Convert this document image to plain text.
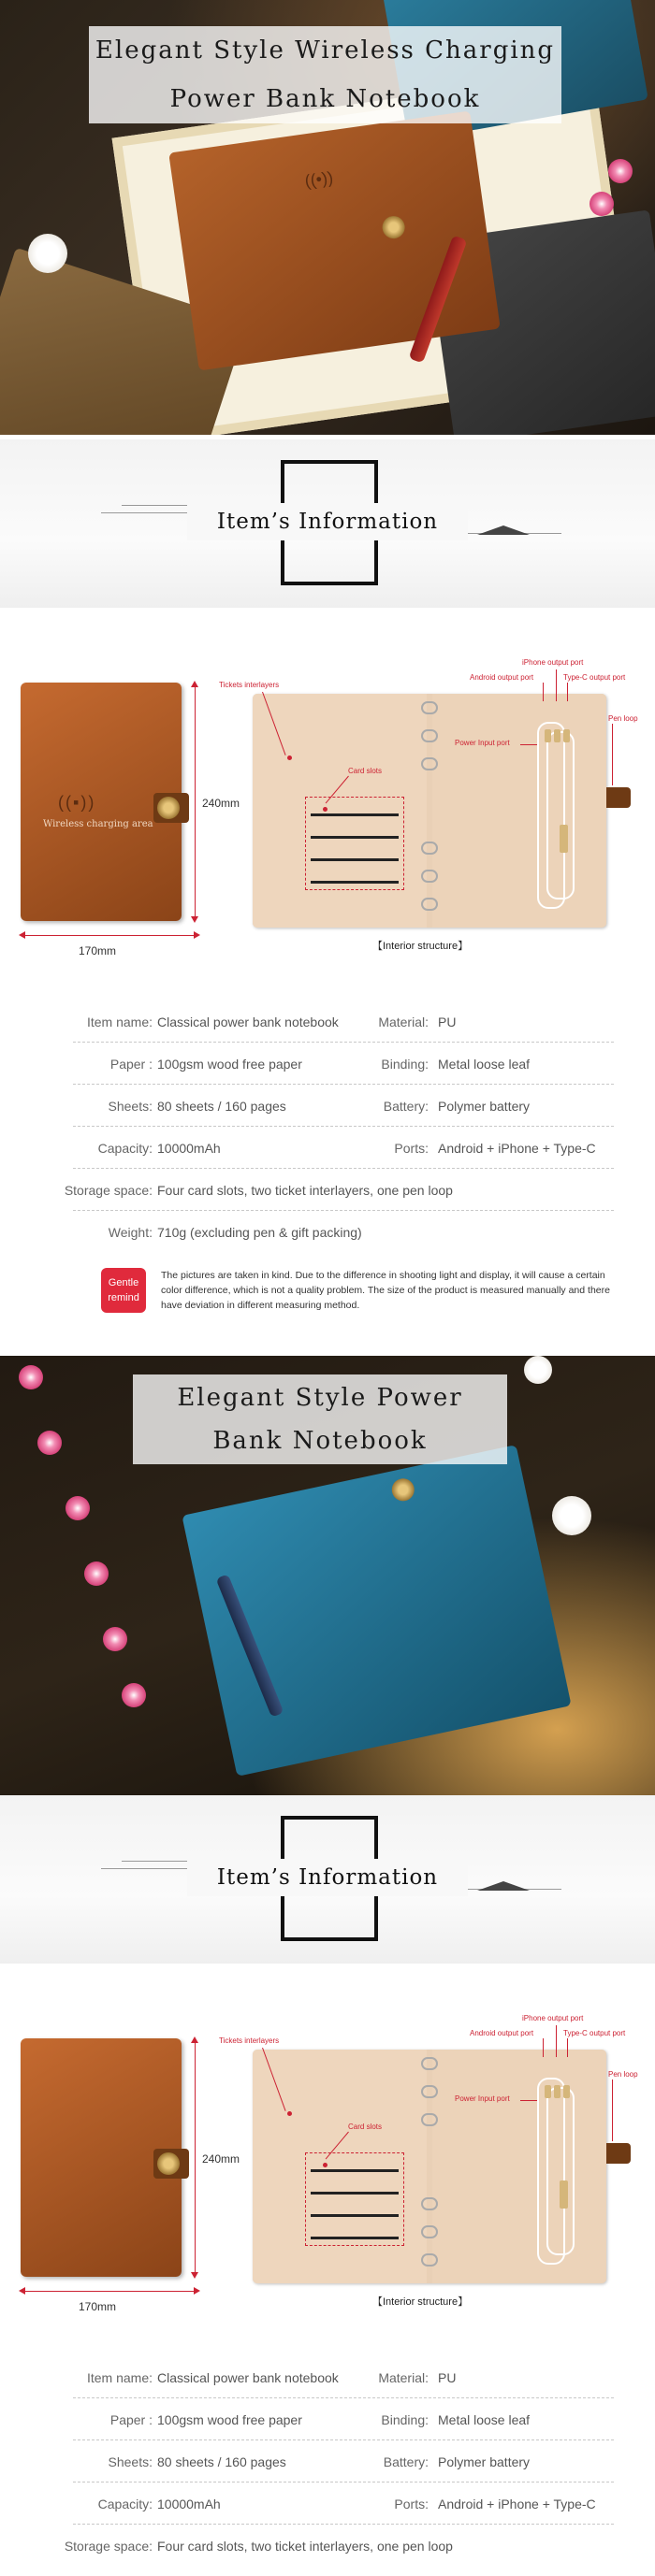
((•))
Elegant Style Wireless Charging
Power Bank Notebook
Item’s Information
((▪))
Wireless charging area
240mm
170mm
Tickets interlayers
Card slots
iPhone output port
Android output port	Type-C output port
Power Input port
Pen loop
【Interior structure】
Item name: Classical power bank notebook	Material: PU
Paper : 100gsm wood free paper	Binding: Metal loose leaf
Sheets: 80 sheets / 160 pages	Battery: Polymer battery
Capacity: 10000mAh	Ports: Android + iPhone + Type-C
Storage space: Four card slots, two ticket interlayers, one pen loop
Weight: 710g (excluding pen & gift packing)
Gentle
remind
The pictures are taken in kind. Due to the difference in shooting light and display, it will cause a certain color difference, which is not a quality problem. The size of the product is measured manually and there have deviation in different measuring method.
Elegant Style Power
Bank Notebook
Item’s Information
240mm
170mm
Tickets interlayers
Card slots
iPhone output port
Android output port	Type-C output port
Power Input port
Pen loop
【Interior structure】
Item name: Classical power bank notebook	Material: PU
Paper : 100gsm wood free paper	Binding: Metal loose leaf
Sheets: 80 sheets / 160 pages	Battery: Polymer battery
Capacity: 10000mAh	Ports: Android + iPhone + Type-C
Storage space: Four card slots, two ticket interlayers, one pen loop
